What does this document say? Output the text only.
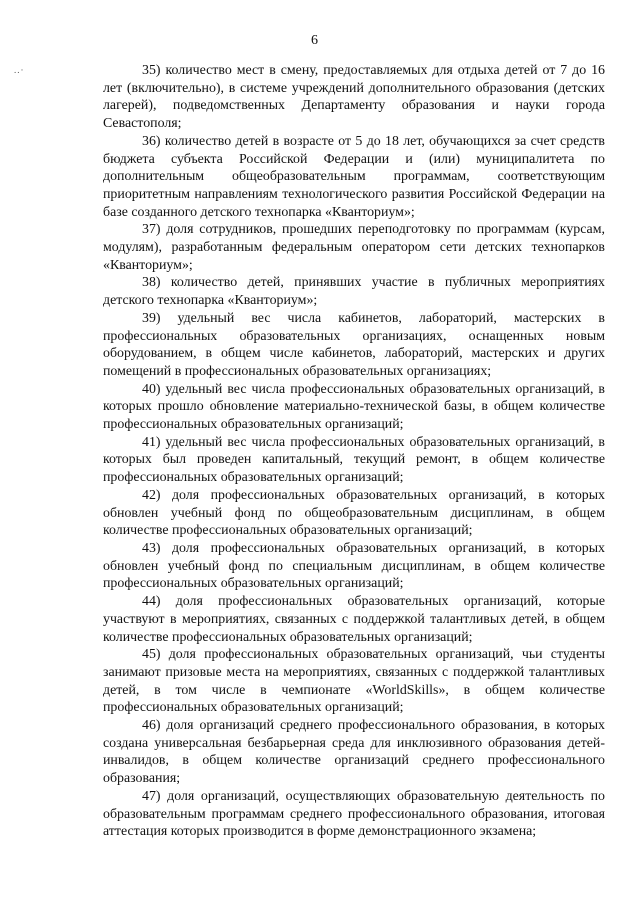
6
..·	35) количество мест в смену, предоставляемых для отдыха детей от 7 до 16 лет (включительно), в системе учреждений дополнительного образования (детских лагерей), подведомственных Департаменту образования и науки города Севастополя;

36) количество детей в возрасте от 5 до 18 лет, обучающихся за счет средств бюджета субъекта Российской Федерации и (или) муниципалитета по дополнительным общеобразовательным программам, соответствующим приоритетным направлениям технологического развития Российской Федерации на базе созданного детского технопарка «Кванториум»;

37) доля сотрудников, прошедших переподготовку по программам (курсам, модулям), разработанным федеральным оператором сети детских технопарков «Кванториум»;

38) количество детей, принявших участие в публичных мероприятиях детского технопарка «Кванториум»;

39) удельный вес числа кабинетов, лабораторий, мастерских в профессиональных образовательных организациях, оснащенных новым оборудованием, в общем числе кабинетов, лабораторий, мастерских и других помещений в профессиональных образовательных организациях;

40) удельный вес числа профессиональных образовательных организаций, в которых прошло обновление материально-технической базы, в общем количестве профессиональных образовательных организаций;

41) удельный вес числа профессиональных образовательных организаций, в которых был проведен капитальный, текущий ремонт, в общем количестве профессиональных образовательных организаций;

42) доля профессиональных образовательных организаций, в которых обновлен учебный фонд по общеобразовательным дисциплинам, в общем количестве профессиональных образовательных организаций;

43) доля профессиональных образовательных организаций, в которых обновлен учебный фонд по специальным дисциплинам, в общем количестве профессиональных образовательных организаций;

44) доля профессиональных образовательных организаций, которые участвуют в мероприятиях, связанных с поддержкой талантливых детей, в общем количестве профессиональных образовательных организаций;

45) доля профессиональных образовательных организаций, чьи студенты занимают призовые места на мероприятиях, связанных с поддержкой талантливых детей, в том числе в чемпионате «WorldSkills», в общем количестве профессиональных образовательных организаций;

46) доля организаций среднего профессионального образования, в которых создана универсальная безбарьерная среда для инклюзивного образования детей-инвалидов, в общем количестве организаций среднего профессионального образования;

47) доля организаций, осуществляющих образовательную деятельность по образовательным программам среднего профессионального образования, итоговая аттестация которых производится в форме демонстрационного экзамена;
